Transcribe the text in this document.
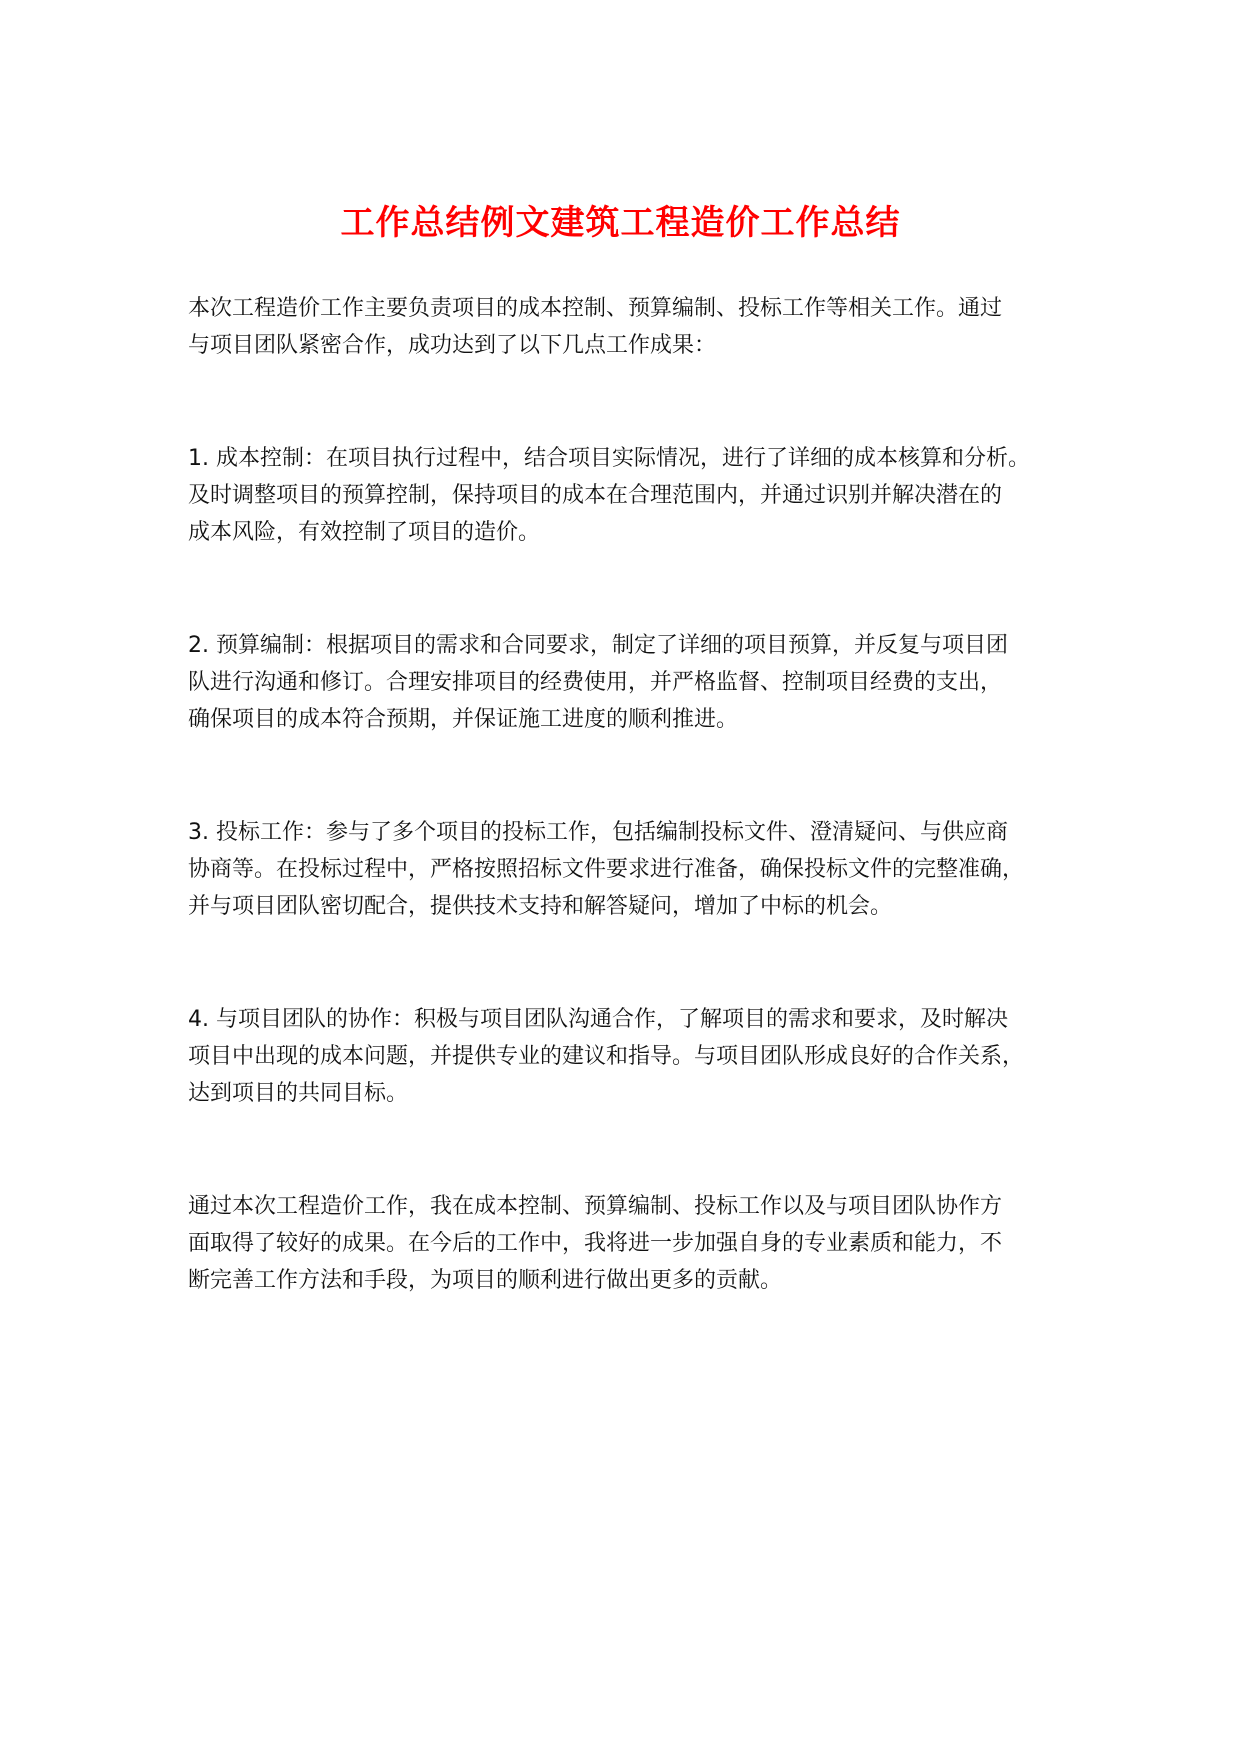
工作总结例文建筑工程造价工作总结
本次工程造价工作主要负责项目的成本控制、预算编制、投标工作等相关工作。通过
与项目团队紧密合作，成功达到了以下几点工作成果：
1. 成本控制：在项目执行过程中，结合项目实际情况，进行了详细的成本核算和分析。
及时调整项目的预算控制，保持项目的成本在合理范围内，并通过识别并解决潜在的
成本风险，有效控制了项目的造价。
2. 预算编制：根据项目的需求和合同要求，制定了详细的项目预算，并反复与项目团
队进行沟通和修订。合理安排项目的经费使用，并严格监督、控制项目经费的支出，
确保项目的成本符合预期，并保证施工进度的顺利推进。
3. 投标工作：参与了多个项目的投标工作，包括编制投标文件、澄清疑问、与供应商
协商等。在投标过程中，严格按照招标文件要求进行准备，确保投标文件的完整准确，
并与项目团队密切配合，提供技术支持和解答疑问，增加了中标的机会。
4. 与项目团队的协作：积极与项目团队沟通合作，了解项目的需求和要求，及时解决
项目中出现的成本问题，并提供专业的建议和指导。与项目团队形成良好的合作关系，
达到项目的共同目标。
通过本次工程造价工作，我在成本控制、预算编制、投标工作以及与项目团队协作方
面取得了较好的成果。在今后的工作中，我将进一步加强自身的专业素质和能力，不
断完善工作方法和手段，为项目的顺利进行做出更多的贡献。
